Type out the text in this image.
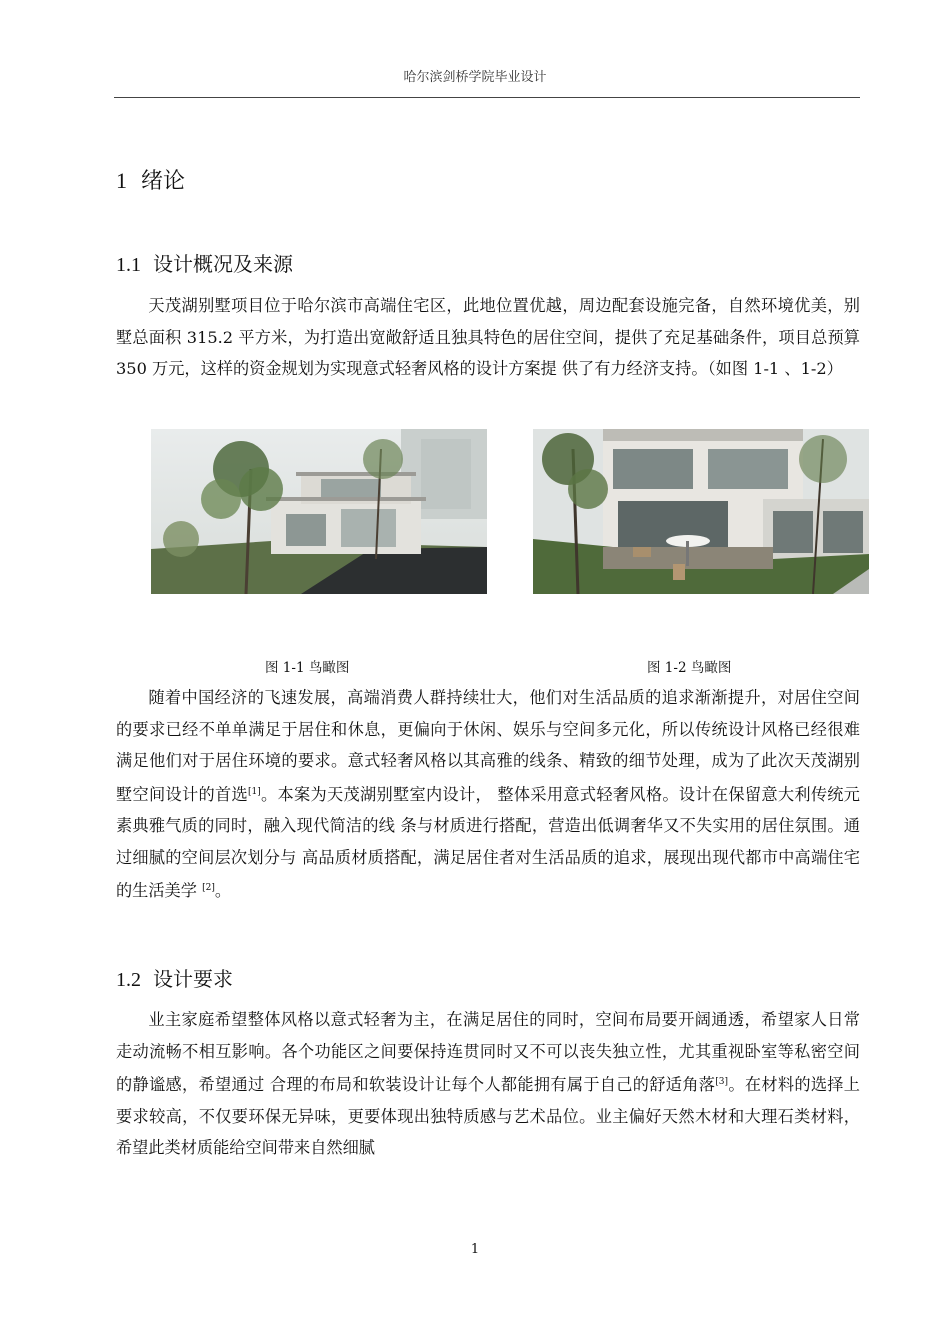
哈尔滨剑桥学院毕业设计
1 绪论
1.1 设计概况及来源
天茂湖别墅项目位于哈尔滨市高端住宅区，此地位置优越，周边配套设施完备，自然环境优美，别墅总面积 315.2 平方米，为打造出宽敞舒适且独具特色的居住空间，提供了充足基础条件，项目总预算 350 万元，这样的资金规划为实现意式轻奢风格的设计方案提 供了有力经济支持。（如图 1-1 、1-2）
图 1-1 鸟瞰图	图 1-2 鸟瞰图
随着中国经济的飞速发展，高端消费人群持续壮大，他们对生活品质的追求渐渐提升，对居住空间的要求已经不单单满足于居住和休息，更偏向于休闲、娱乐与空间多元化，所以传统设计风格已经很难满足他们对于居住环境的要求。意式轻奢风格以其高雅的线条、精致的细节处理，成为了此次天茂湖别墅空间设计的首选[1]。本案为天茂湖别墅室内设计， 整体采用意式轻奢风格。设计在保留意大利传统元素典雅气质的同时，融入现代简洁的线 条与材质进行搭配，营造出低调奢华又不失实用的居住氛围。通过细腻的空间层次划分与 高品质材质搭配，满足居住者对生活品质的追求，展现出现代都市中高端住宅的生活美学 [2]。
1.2 设计要求
业主家庭希望整体风格以意式轻奢为主，在满足居住的同时，空间布局要开阔通透，希望家人日常走动流畅不相互影响。各个功能区之间要保持连贯同时又不可以丧失独立性，尤其重视卧室等私密空间的静谧感，希望通过 合理的布局和软装设计让每个人都能拥有属于自己的舒适角落[3]。在材料的选择上要求较高，不仅要环保无异味，更要体现出独特质感与艺术品位。业主偏好天然木材和大理石类材料，希望此类材质能给空间带来自然细腻
1
